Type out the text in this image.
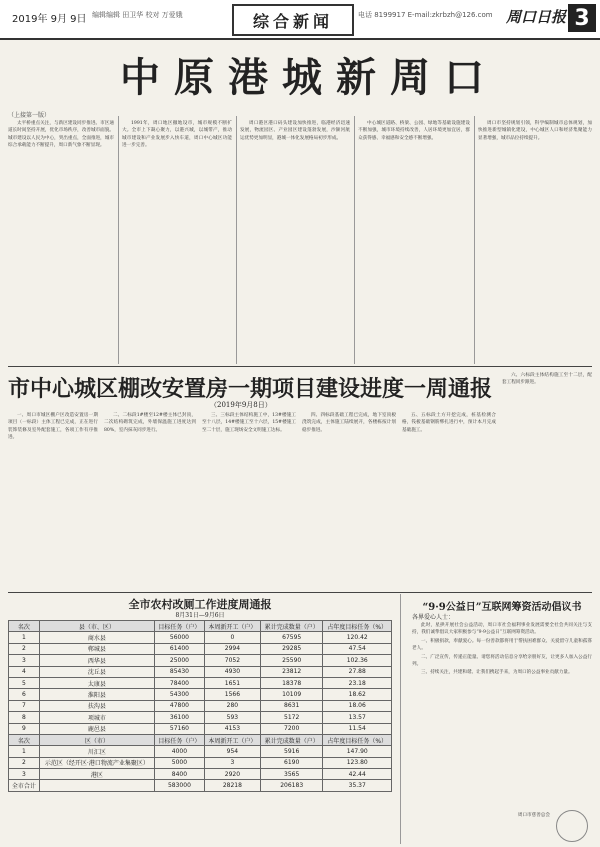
2019年 9月 9日 编辑编辑 田卫华 校对 万爱娥	综合新闻	电话 8199917 E-mail:zkrbzh@126.com 周口日报 3
中原港城新周口
（上接第一版）

太平桥重点关注，与新区建设同步推进。市区通道长时间坚持开展，优化市场秩序，改善城市面貌。城市建设以人民为中心，突出重点，全面推进，城市综合承载能力不断提升，周口新气象不断显现。

1991年，周口地区撤地设市，城市规模不断扩大。全市上下凝心聚力，以港兴城，以城带产，推动城市建设和产业发展步入快车道，周口中心城区功能进一步完善。

周口港区港口码头建设加快推进，临港经济迅速发展，物流园区、产业园区建设蓬勃发展，沙颍河航运优势更加明显，港城一体化发展格局初步形成。

中心城区道路、桥梁、公园、绿地等基础设施建设不断加强，城市环境持续改善，人居环境更加宜居，群众获得感、幸福感和安全感不断增强。

周口市坚持规划引领，科学编制城市总体规划，加快推进新型城镇化建设，中心城区人口和经济集聚能力显著增强，城市品位持续提升。

市中心城区棚改安置房一期项目建设进度一周通报
（2019年9月8日）

一、周口市城区棚户区改造安置房一期项目（一标段）主体工程已完成，正在进行装饰装修及室外配套施工，各项工作有序推进。

二、二标段1#楼至12#楼主体已封顶，二次结构砌筑完成，外墙保温施工进度达到80%，室内抹灰同步进行。

三、三标段主体结构施工中，13#楼施工至十八层，14#楼施工至十六层，15#楼施工至二十层，施工现场安全文明施工达标。

四、四标段基础工程已完成，地下室顶板浇筑完成，主体施工陆续展开，各楼栋按计划稳步推进。

五、五标段土方开挖完成，桩基检测合格，筏板基础钢筋绑扎进行中，预计本月完成基础施工。

六、六标段主体结构施工至十二层，配套工程同步跟进。

全市农村改厕工作进度周通报
8月31日—9月6日
名次	县（市、区）	目标任务（户）	本周新开工（户）	累计完成数量（户）	占年度目标任务（%）
1	商水县	56000	0	67595	120.42
2	郸城县	61400	2994	29285	47.54
3	西华县	25000	7052	25590	102.36
4	沈丘县	85430	4930	23812	27.88
5	太康县	78400	1651	18378	23.18
6	淮阳县	54300	1566	10109	18.62
7	扶沟县	47800	280	8631	18.06
8	项城市	36100	593	5172	13.57
9	鹿邑县	57160	4153	7200	11.54
名次	区（市）	目标任务（户）	本周新开工（户）	累计完成数量（户）	占年度目标任务（%）
1	川汇区	4000	954	5916	147.90
2	示范区（经开区·港口物流产业集聚区）	5000	3	6190	123.80
3	港区	8400	2920	3565	42.44
全市合计		583000	28218	206183	35.37
“9·9公益日”互联网筹资活动倡议书
各界爱心人士：

此时，星拱开展社会公益活动，周口市社会福利事业发展需要全社会共同关注与支持，我们诚挚倡议大家积极参与“9·9公益日”互联网筹资活动。

一、积极捐款，奉献爱心。每一份善款都将用于帮扶困难群众、关爱留守儿童和孤寡老人。

二、广泛宣传，传递正能量。请您将活动信息分享给亲朋好友，让更多人加入公益行列。

三、持续关注，共建和谐。让我们携起手来，为周口的公益事业贡献力量。

周口市慈善总会
